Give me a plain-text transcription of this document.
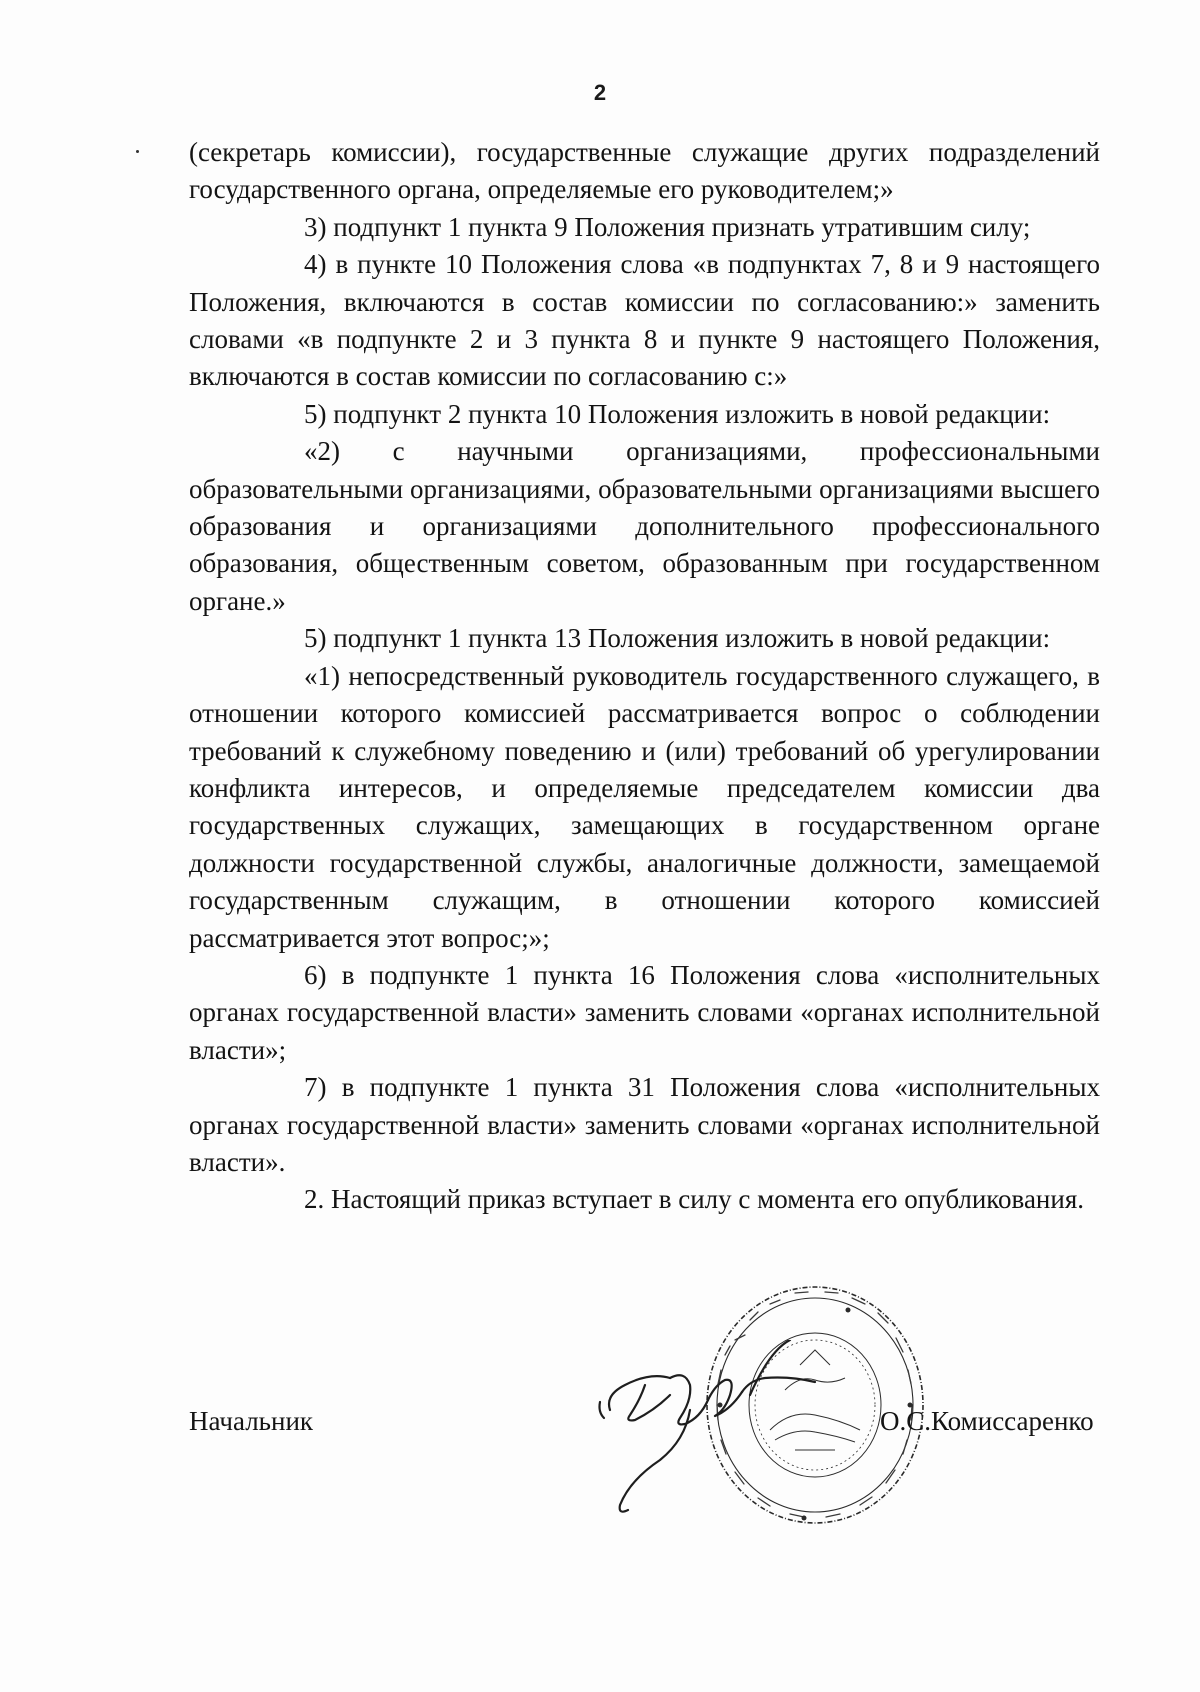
2

(секретарь комиссии), государственные служащие других подразделений государственного органа, определяемые его руководителем;»

3) подпункт 1 пункта 9 Положения признать утратившим силу;

4) в пункте 10 Положения слова «в подпунктах 7, 8 и 9 настоящего Положения, включаются в состав комиссии по согласованию:» заменить словами «в подпункте 2 и 3 пункта 8 и пункте 9 настоящего Положения, включаются в состав комиссии по согласованию с:»

5) подпункт 2 пункта 10 Положения изложить в новой редакции:

«2) с научными организациями, профессиональными образовательными организациями, образовательными организациями высшего образования и организациями дополнительного профессионального образования, общественным советом, образованным при государственном органе.»

5) подпункт 1 пункта 13 Положения изложить в новой редакции:

«1) непосредственный руководитель государственного служащего, в отношении которого комиссией рассматривается вопрос о соблюдении требований к служебному поведению и (или) требований об урегулировании конфликта интересов, и определяемые председателем комиссии два государственных служащих, замещающих в государственном органе должности государственной службы, аналогичные должности, замещаемой государственным служащим, в отношении которого комиссией рассматривается этот вопрос;»;

6) в подпункте 1 пункта 16 Положения слова «исполнительных органах государственной власти» заменить словами «органах исполнительной власти»;

7) в подпункте 1 пункта 31 Положения слова «исполнительных органах государственной власти» заменить словами «органах исполнительной власти».

2. Настоящий приказ вступает в силу с момента его опубликования.

Начальник	О.С.Комиссаренко
